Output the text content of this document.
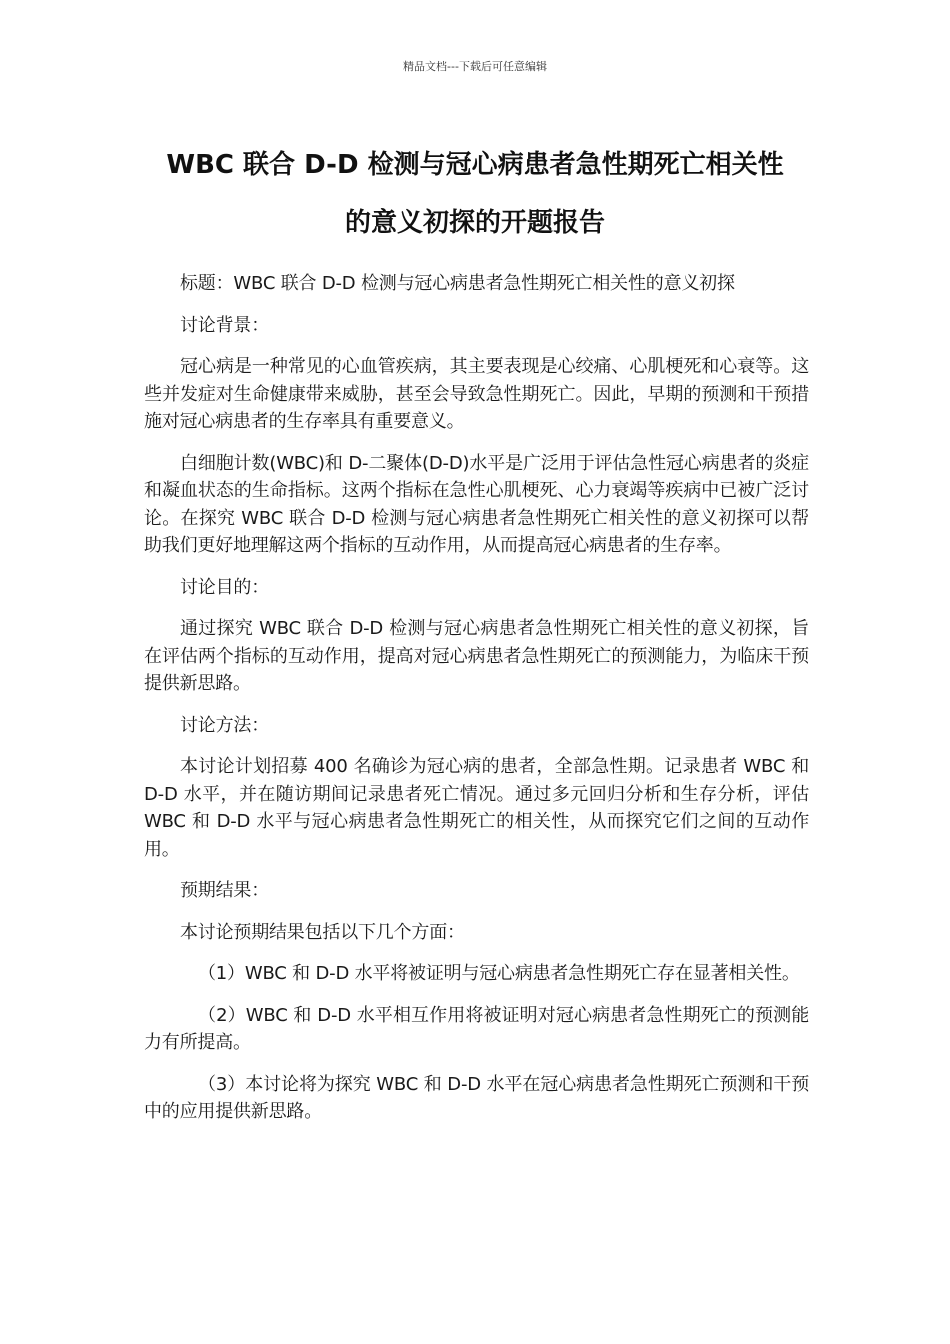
精品文档---下载后可任意编辑
WBC 联合 D-D 检测与冠心病患者急性期死亡相关性
的意义初探的开题报告

标题：WBC 联合 D-D 检测与冠心病患者急性期死亡相关性的意义初探

讨论背景：

冠心病是一种常见的心血管疾病，其主要表现是心绞痛、心肌梗死和心衰等。这些并发症对生命健康带来威胁，甚至会导致急性期死亡。因此，早期的预测和干预措施对冠心病患者的生存率具有重要意义。

白细胞计数(WBC)和 D-二聚体(D-D)水平是广泛用于评估急性冠心病患者的炎症和凝血状态的生命指标。这两个指标在急性心肌梗死、心力衰竭等疾病中已被广泛讨论。在探究 WBC 联合 D-D 检测与冠心病患者急性期死亡相关性的意义初探可以帮助我们更好地理解这两个指标的互动作用，从而提高冠心病患者的生存率。

讨论目的：

通过探究 WBC 联合 D-D 检测与冠心病患者急性期死亡相关性的意义初探，旨在评估两个指标的互动作用，提高对冠心病患者急性期死亡的预测能力，为临床干预提供新思路。

讨论方法：

本讨论计划招募 400 名确诊为冠心病的患者，全部急性期。记录患者 WBC 和 D-D 水平，并在随访期间记录患者死亡情况。通过多元回归分析和生存分析，评估 WBC 和 D-D 水平与冠心病患者急性期死亡的相关性，从而探究它们之间的互动作用。

预期结果：

本讨论预期结果包括以下几个方面：

（1）WBC 和 D-D 水平将被证明与冠心病患者急性期死亡存在显著相关性。

（2）WBC 和 D-D 水平相互作用将被证明对冠心病患者急性期死亡的预测能力有所提高。

（3）本讨论将为探究 WBC 和 D-D 水平在冠心病患者急性期死亡预测和干预中的应用提供新思路。
